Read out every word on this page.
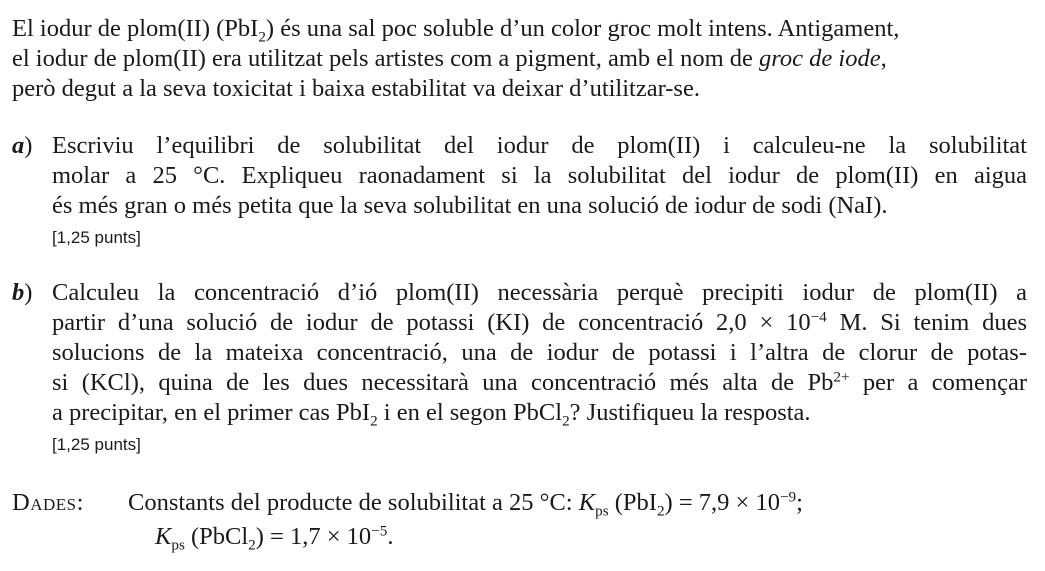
El iodur de plom(II) (PbI$_2$) és una sal poc soluble d’un color groc molt intens. Antigament,
el iodur de plom(II) era utilitzat pels artistes com a pigment, amb el nom de groc de iode,
però degut a la seva toxicitat i baixa estabilitat va deixar d’utilitzar-se.
a) Escriviu l’equilibri de solubilitat del iodur de plom(II) i calculeu-ne la solubilitat
molar a 25 °C. Expliqueu raonadament si la solubilitat del iodur de plom(II) en aigua
és més gran o més petita que la seva solubilitat en una solució de iodur de sodi (NaI).
[1,25 punts]
b) Calculeu la concentració d’ió plom(II) necessària perquè precipiti iodur de plom(II) a
partir d’una solució de iodur de potassi (KI) de concentració $2,0 \times 10^{-4}$ M. Si tenim dues
solucions de la mateixa concentració, una de iodur de potassi i l’altra de clorur de potas-
si (KCl), quina de les dues necessitarà una concentració més alta de $Pb^{2+}$ per a començar
a precipitar, en el primer cas PbI$_2$ i en el segon PbCl$_2$? Justifiqueu la resposta.
[1,25 punts]
Dades: Constants del producte de solubilitat a 25 °C: $K_{ps}$ $(PbI_2) = 7,9 \times 10^{-9}$;
$K_{ps}$ (PbCl$_2$) = $1,7 \times 10^{-5}$.
